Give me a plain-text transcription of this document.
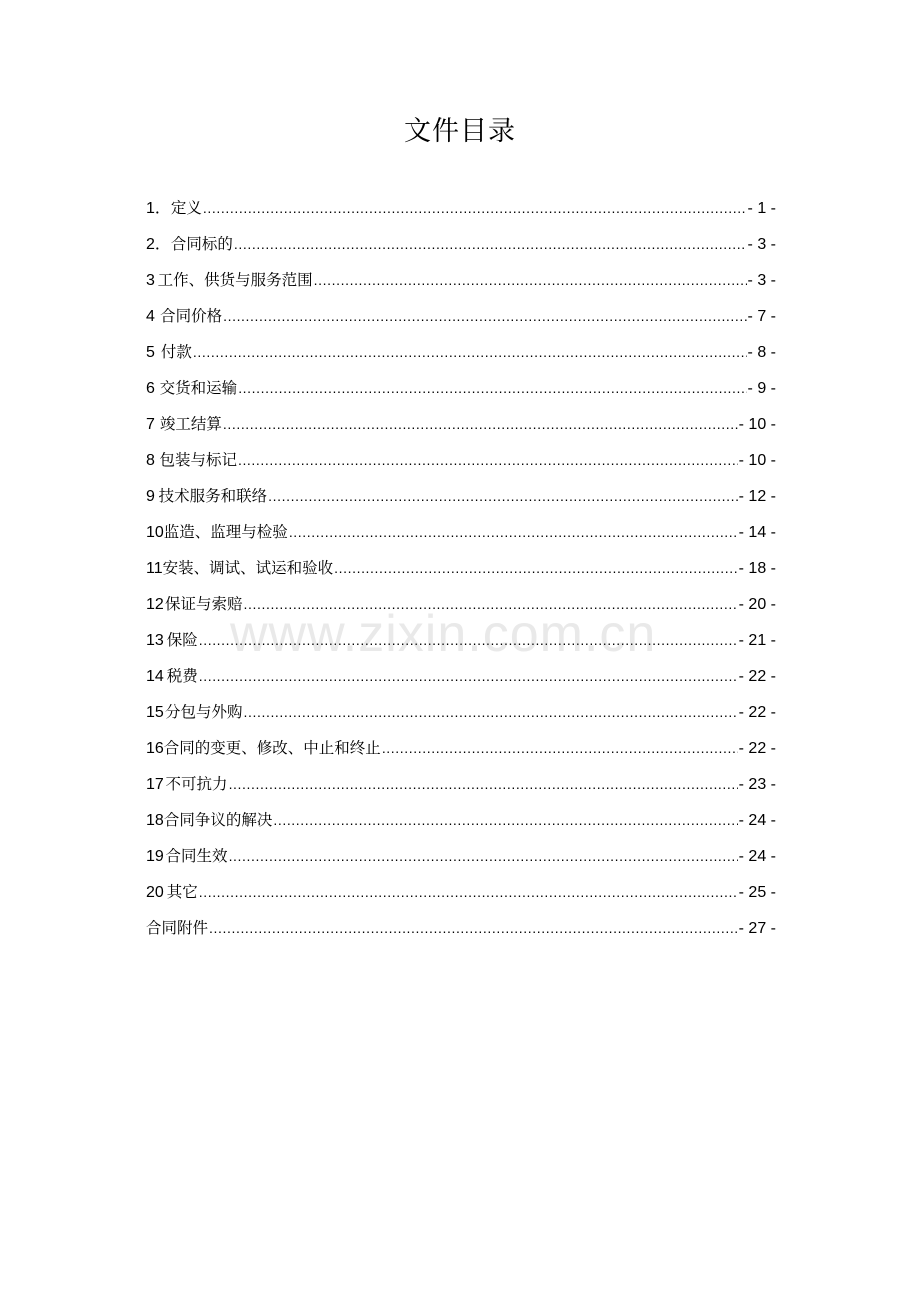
文件目录
1． 定义 .....	- 1 -
2． 合同标的 .....	- 3 -
3 工作、供货与服务范围 .....	- 3 -
4 合同价格 .....	- 7 -
5 付款 .....	- 8 -
6 交货和运输 .....	- 9 -
7 竣工结算 .....	- 10 -
8 包装与标记 .....	- 10 -
9 技术服务和联络 .....	- 12 -
10 监造、监理与检验 .....	- 14 -
11 安装、调试、试运和验收 .....	- 18 -
12 保证与索赔 .....	- 20 -
13 保险 .....	- 21 -
14 税费 .....	- 22 -
15 分包与外购 .....	- 22 -
16 合同的变更、修改、中止和终止 .....	- 22 -
17 不可抗力 .....	- 23 -
18 合同争议的解决 .....	- 24 -
19 合同生效 .....	- 24 -
20 其它 .....	- 25 -
合同附件 .....	- 27 -
www.zixin.com.cn
